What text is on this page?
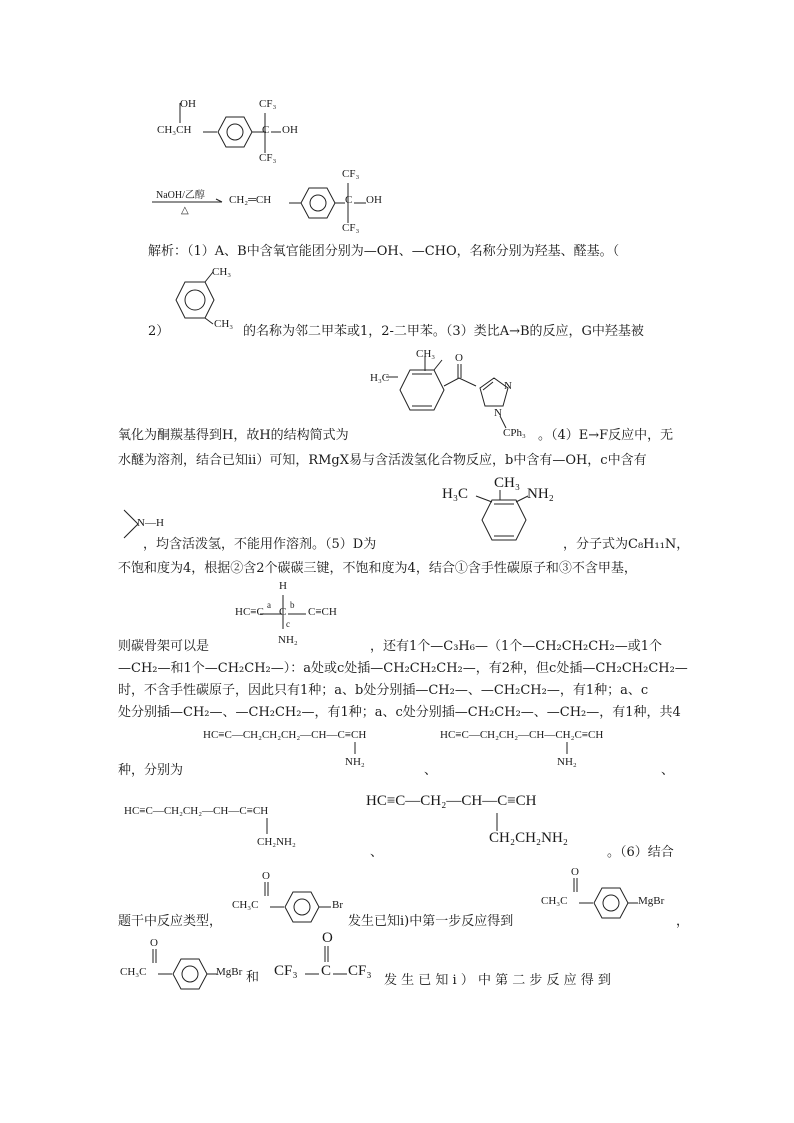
OH
CH₃CH
CF₃
C OH
CF₃
NaOH/乙醇
△
CH₂═CH
CF₃
C OH
CF₃
解析：（1）A、B中含氧官能团分别为—OH、—CHO，名称分别为羟基、醛基。（
CH₃
CH₃
2）	的名称为邻二甲苯或1，2-二甲苯。（3）类比A→B的反应，G中羟基被
H₃C
CH₃ O
N
N
CPh₃
氧化为酮羰基得到H，故H的结构简式为	。（4）E→F反应中，无
水醚为溶剂，结合已知ii）可知，RMgX易与含活泼氢化合物反应，b中含有—OH，c中含有
N—H
H₃C
CH₃
NH₂
，均含活泼氢，不能用作溶剂。（5）D为	，分子式为C₈H₁₁N，
不饱和度为4，根据②含2个碳碳三键，不饱和度为4，结合①含手性碳原子和③不含甲基，
H
HC≡C
a
C
b
C≡CH
c
NH₂
则碳骨架可以是	，还有1个—C₃H₆—（1个—CH₂CH₂CH₂—或1个
—CH₂—和1个—CH₂CH₂—）：a处或c处插—CH₂CH₂CH₂—，有2种，但c处插—CH₂CH₂CH₂—
时，不含手性碳原子，因此只有1种；a、b处分别插—CH₂—、—CH₂CH₂—，有1种；a、c
处分别插—CH₂—、—CH₂CH₂—，有1种；a、c处分别插—CH₂CH₂—、—CH₂—，有1种，共4
HC≡C—CH₂CH₂CH₂—CH—C≡CH
NH₂
HC≡C—CH₂CH₂—CH—CH₂C≡CH
NH₂
种，分别为	、	、
HC≡C—CH₂CH₂—CH—C≡CH
CH₂NH₂
、
HC≡C—CH₂—CH—C≡CH
CH₂CH₂NH₂
。（6）结合
O
CH₃C	Br
O
CH₃C	MgBr
题干中反应类型，	发生已知i)中第一步反应得到	，
O
CH₃C	MgBr 和
O
CF₃ C CF₃
发 生 已 知 i ） 中 第 二 步 反 应 得 到
